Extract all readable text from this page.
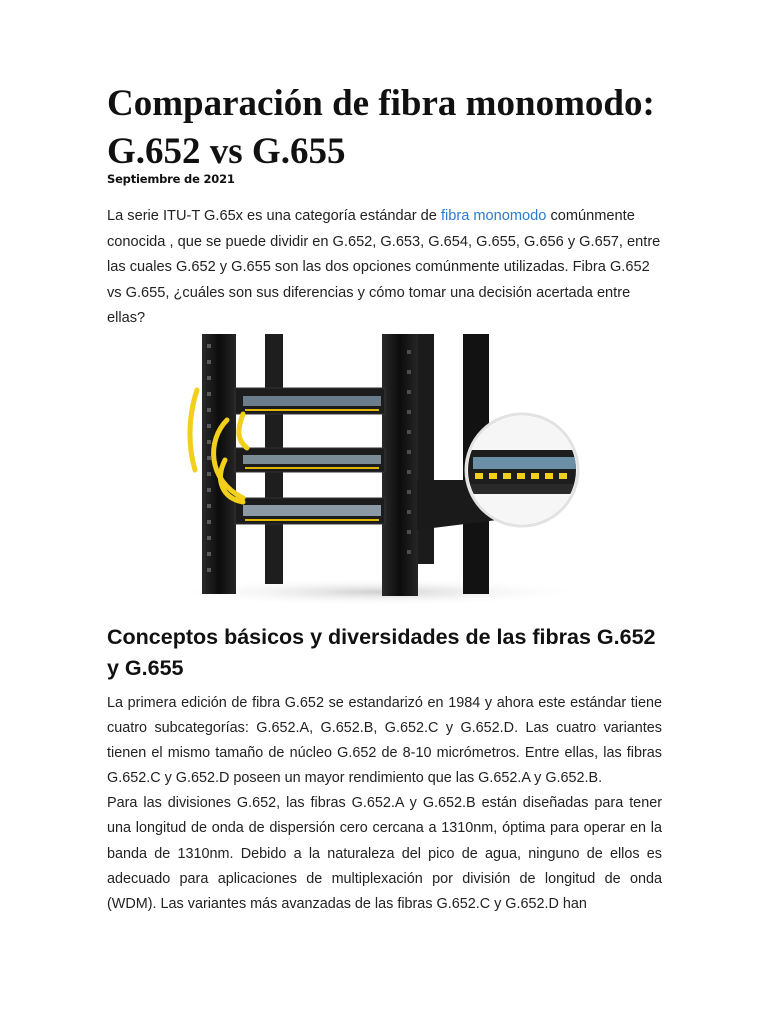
Comparación de fibra monomodo:
G.652 vs G.655
Septiembre de 2021

La serie ITU-T G.65x es una categoría estándar de fibra monomodo comúnmente conocida , que se puede dividir en G.652, G.653, G.654, G.655, G.656 y G.657, entre las cuales G.652 y G.655 son las dos opciones comúnmente utilizadas. Fibra G.652 vs G.655, ¿cuáles son sus diferencias y cómo tomar una decisión acertada entre ellas?

Conceptos básicos y diversidades de las fibras G.652 y G.655

La primera edición de fibra G.652 se estandarizó en 1984 y ahora este estándar tiene cuatro subcategorías: G.652.A, G.652.B, G.652.C y G.652.D. Las cuatro variantes tienen el mismo tamaño de núcleo G.652 de 8-10 micrómetros. Entre ellas, las fibras G.652.C y G.652.D poseen un mayor rendimiento que las G.652.A y G.652.B.

Para las divisiones G.652, las fibras G.652.A y G.652.B están diseñadas para tener una longitud de onda de dispersión cero cercana a 1310nm, óptima para operar en la banda de 1310nm. Debido a la naturaleza del pico de agua, ninguno de ellos es adecuado para aplicaciones de multiplexación por división de longitud de onda (WDM). Las variantes más avanzadas de las fibras G.652.C y G.652.D han
